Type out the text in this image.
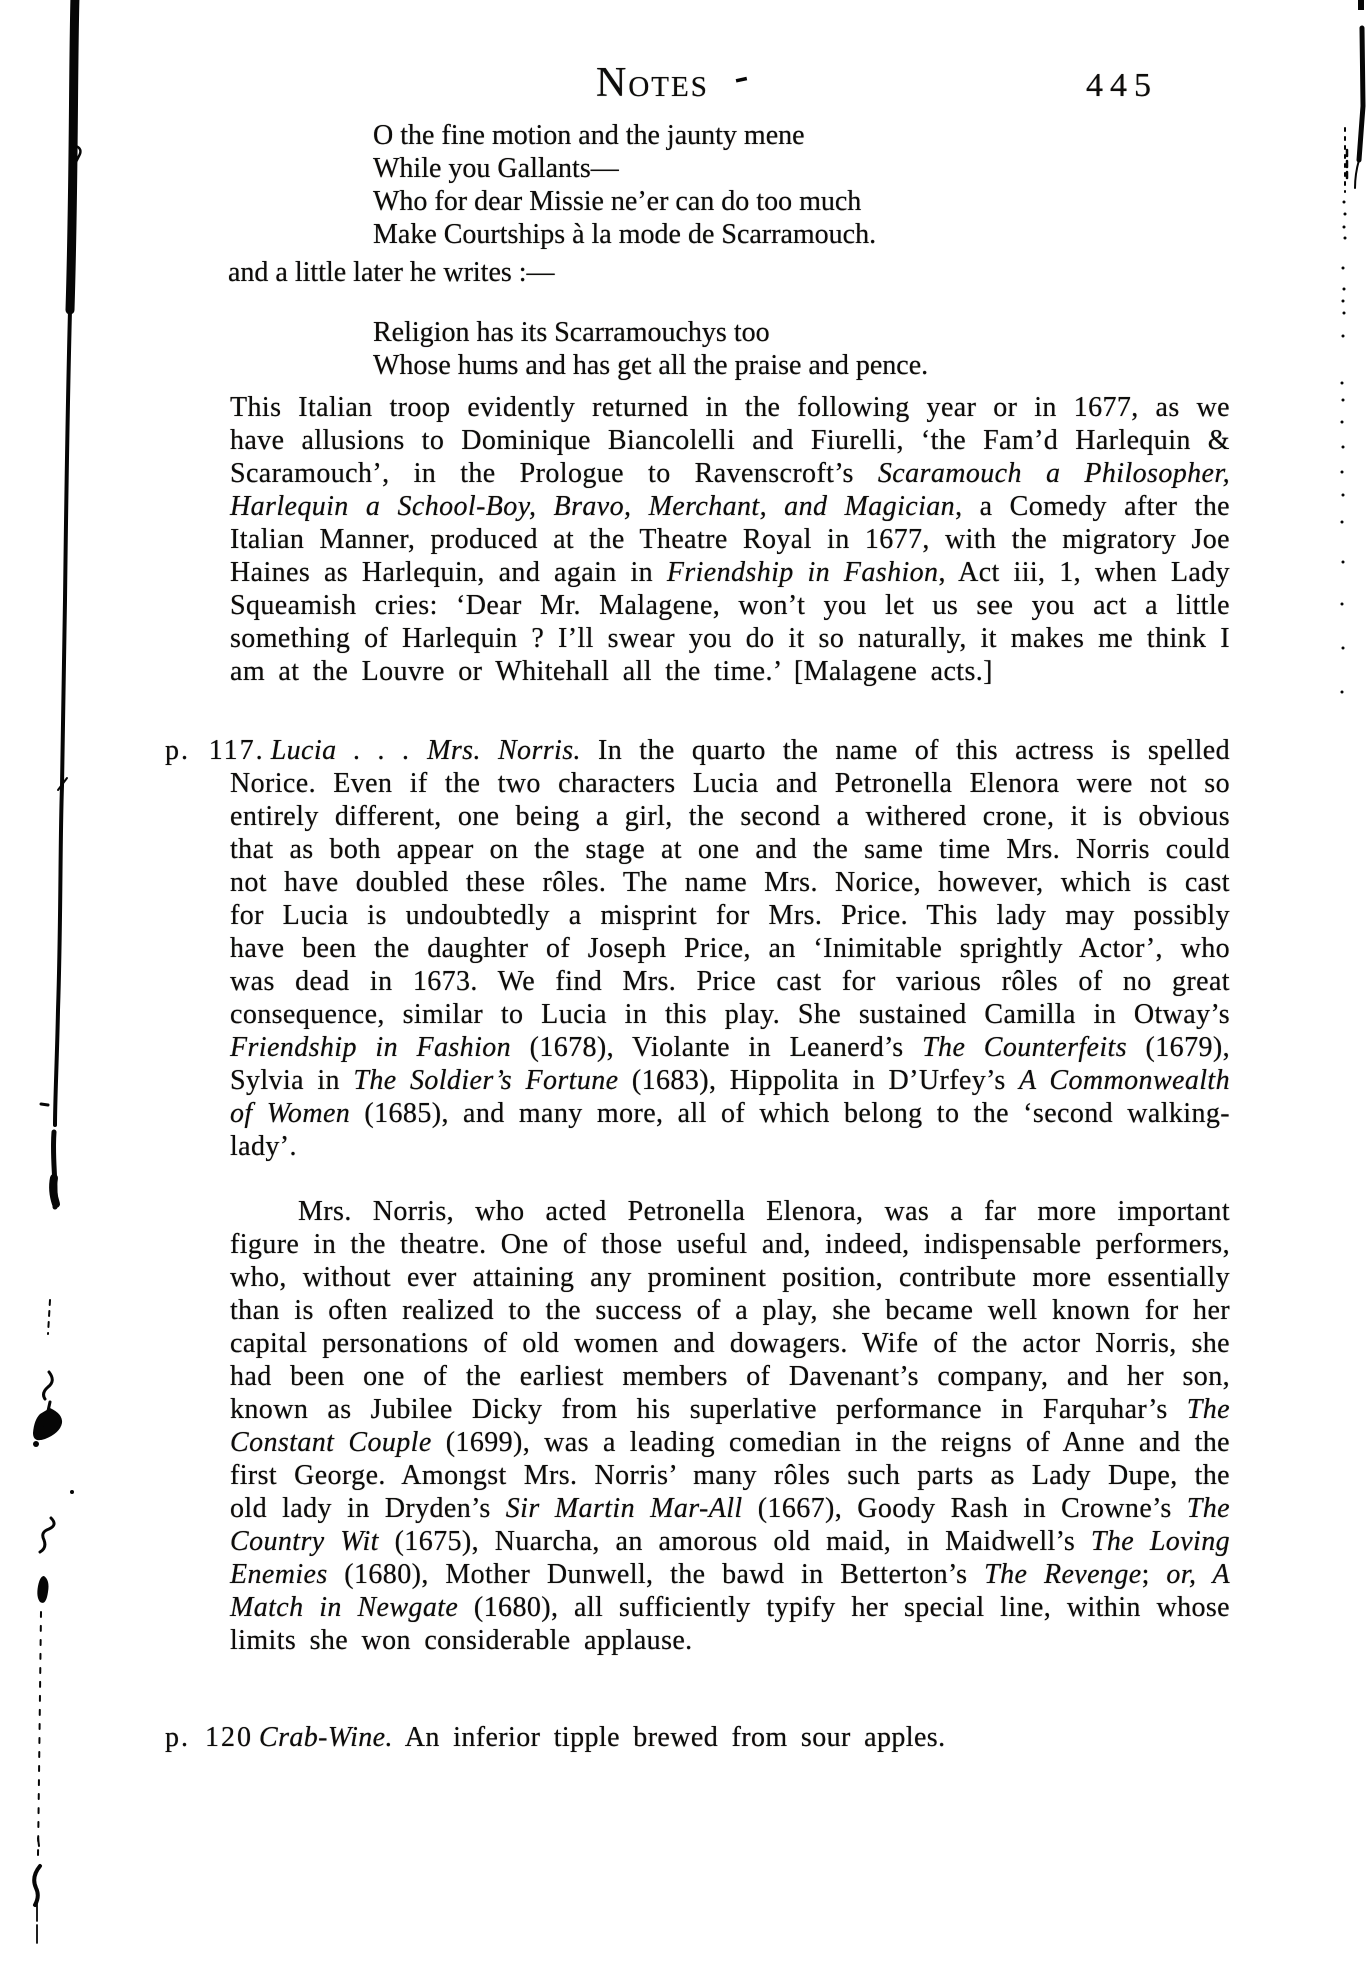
Notes	445
O the fine motion and the jaunty mene
While you Gallants—
Who for dear Missie ne’er can do too much
Make Courtships à la mode de Scarramouch.
and a little later he writes :—
Religion has its Scarramouchys too
Whose hums and has get all the praise and pence.

This Italian troop evidently returned in the following year or in 1677, as we have allusions to Dominique Biancolelli and Fiurelli, ‘the Fam’d Harlequin & Scaramouch’, in the Prologue to Ravenscroft’s Scaramouch a Philosopher, Harlequin a School-Boy, Bravo, Merchant, and Magician, a Comedy after the Italian Manner, produced at the Theatre Royal in 1677, with the migratory Joe Haines as Harlequin, and again in Friendship in Fashion, Act iii, 1, when Lady Squeamish cries: ‘Dear Mr. Malagene, won’t you let us see you act a little something of Harlequin ? I’ll swear you do it so naturally, it makes me think I am at the Louvre or Whitehall all the time.’ [Malagene acts.]

p. 117. Lucia . . . Mrs. Norris. In the quarto the name of this actress is spelled Norice. Even if the two characters Lucia and Petronella Elenora were not so entirely different, one being a girl, the second a withered crone, it is obvious that as both appear on the stage at one and the same time Mrs. Norris could not have doubled these rôles. The name Mrs. Norice, however, which is cast for Lucia is undoubtedly a misprint for Mrs. Price. This lady may possibly have been the daughter of Joseph Price, an ‘Inimitable sprightly Actor’, who was dead in 1673. We find Mrs. Price cast for various rôles of no great consequence, similar to Lucia in this play. She sustained Camilla in Otway’s Friendship in Fashion (1678), Violante in Leanerd’s The Counterfeits (1679), Sylvia in The Soldier’s Fortune (1683), Hippolita in D’Urfey’s A Commonwealth of Women (1685), and many more, all of which belong to the ‘second walking-lady’.

Mrs. Norris, who acted Petronella Elenora, was a far more important figure in the theatre. One of those useful and, indeed, indispensable performers, who, without ever attaining any prominent position, contribute more essentially than is often realized to the success of a play, she became well known for her capital personations of old women and dowagers. Wife of the actor Norris, she had been one of the earliest members of Davenant’s company, and her son, known as Jubilee Dicky from his superlative performance in Farquhar’s The Constant Couple (1699), was a leading comedian in the reigns of Anne and the first George. Amongst Mrs. Norris’ many rôles such parts as Lady Dupe, the old lady in Dryden’s Sir Martin Mar-All (1667), Goody Rash in Crowne’s The Country Wit (1675), Nuarcha, an amorous old maid, in Maidwell’s The Loving Enemies (1680), Mother Dunwell, the bawd in Betterton’s The Revenge; or, A Match in Newgate (1680), all sufficiently typify her special line, within whose limits she won considerable applause.

p. 120 Crab-Wine. An inferior tipple brewed from sour apples.
